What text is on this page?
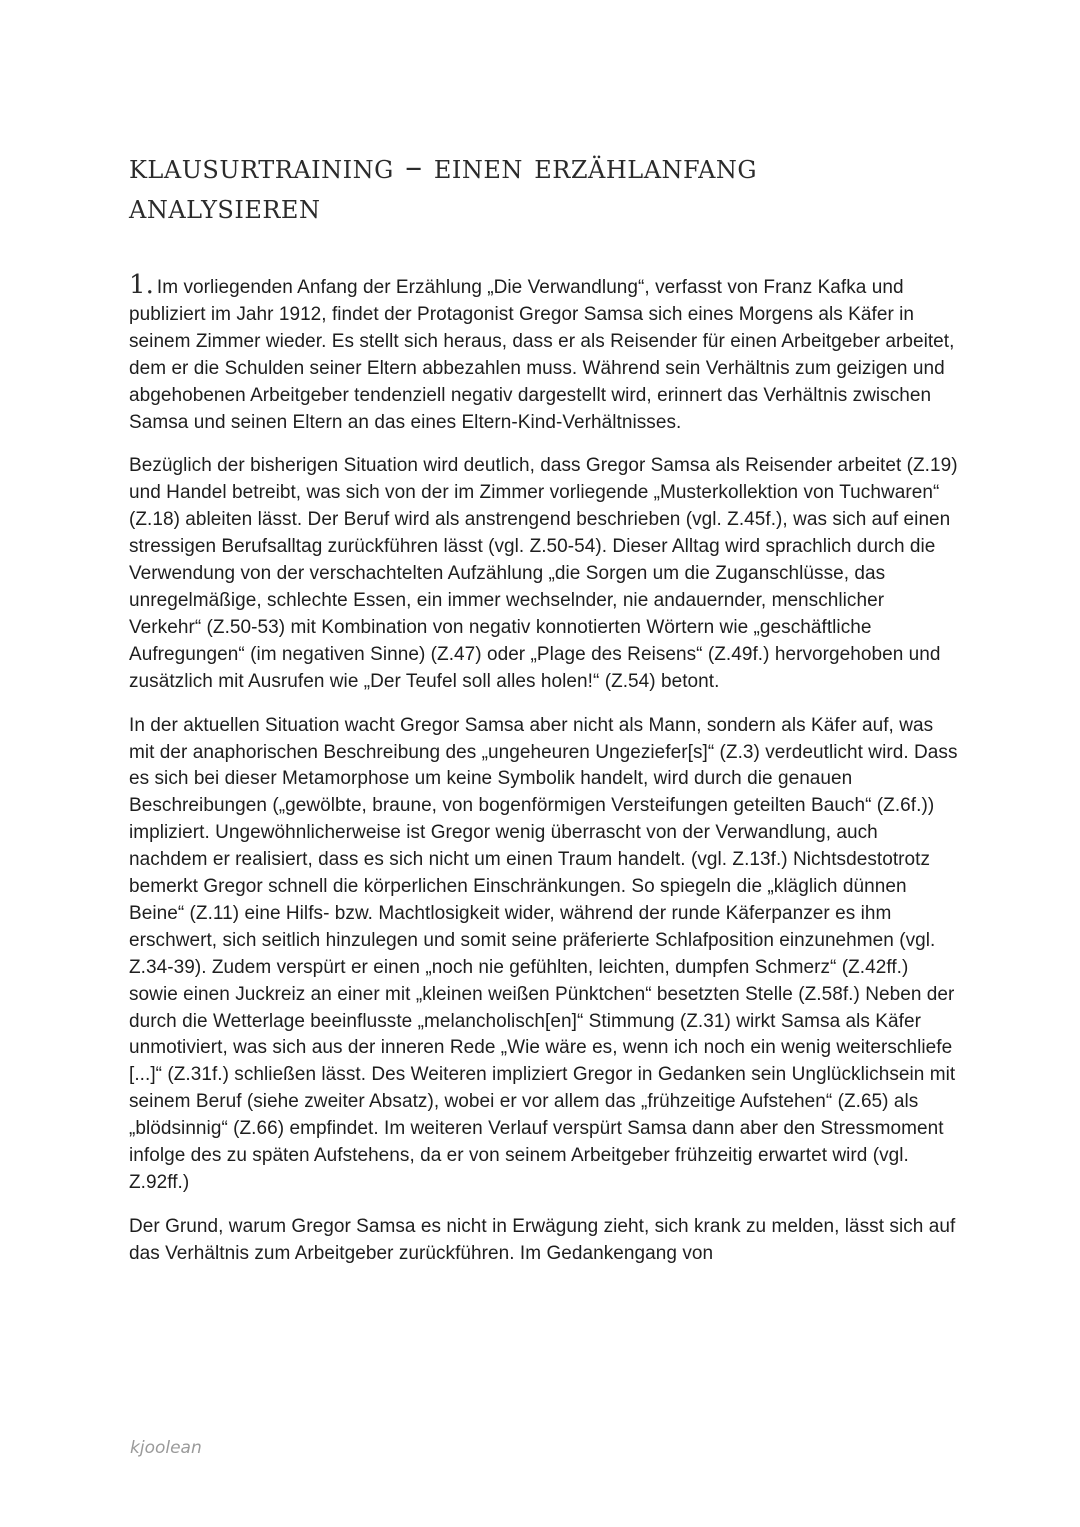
klausurtraining – einen erzählanfang analysieren

1. Im vorliegenden Anfang der Erzählung „Die Verwandlung“, verfasst von Franz Kafka und publiziert im Jahr 1912, findet der Protagonist Gregor Samsa sich eines Morgens als Käfer in seinem Zimmer wieder. Es stellt sich heraus, dass er als Reisender für einen Arbeitgeber arbeitet, dem er die Schulden seiner Eltern abbezahlen muss. Während sein Verhältnis zum geizigen und abgehobenen Arbeitgeber tendenziell negativ dargestellt wird, erinnert das Verhältnis zwischen Samsa und seinen Eltern an das eines Eltern-Kind-Verhältnisses.

Bezüglich der bisherigen Situation wird deutlich, dass Gregor Samsa als Reisender arbeitet (Z.19) und Handel betreibt, was sich von der im Zimmer vorliegende „Musterkollektion von Tuchwaren“ (Z.18) ableiten lässt. Der Beruf wird als anstrengend beschrieben (vgl. Z.45f.), was sich auf einen stressigen Berufsalltag zurückführen lässt (vgl. Z.50-54). Dieser Alltag wird sprachlich durch die Verwendung von der verschachtelten Aufzählung „die Sorgen um die Zuganschlüsse, das unregelmäßige, schlechte Essen, ein immer wechselnder, nie andauernder, menschlicher Verkehr“ (Z.50-53) mit Kombination von negativ konnotierten Wörtern wie „geschäftliche Aufregungen“ (im negativen Sinne) (Z.47) oder „Plage des Reisens“ (Z.49f.) hervorgehoben und zusätzlich mit Ausrufen wie „Der Teufel soll alles holen!“ (Z.54) betont.

In der aktuellen Situation wacht Gregor Samsa aber nicht als Mann, sondern als Käfer auf, was mit der anaphorischen Beschreibung des „ungeheuren Ungeziefer[s]“ (Z.3) verdeutlicht wird. Dass es sich bei dieser Metamorphose um keine Symbolik handelt, wird durch die genauen Beschreibungen („gewölbte, braune, von bogenförmigen Versteifungen geteilten Bauch“ (Z.6f.)) impliziert. Ungewöhnlicherweise ist Gregor wenig überrascht von der Verwandlung, auch nachdem er realisiert, dass es sich nicht um einen Traum handelt. (vgl. Z.13f.) Nichtsdestotrotz bemerkt Gregor schnell die körperlichen Einschränkungen. So spiegeln die „kläglich dünnen Beine“ (Z.11) eine Hilfs- bzw. Machtlosigkeit wider, während der runde Käferpanzer es ihm erschwert, sich seitlich hinzulegen und somit seine präferierte Schlafposition einzunehmen (vgl. Z.34-39). Zudem verspürt er einen „noch nie gefühlten, leichten, dumpfen Schmerz“ (Z.42ff.) sowie einen Juckreiz an einer mit „kleinen weißen Pünktchen“ besetzten Stelle (Z.58f.) Neben der durch die Wetterlage beeinflusste „melancholisch[en]“ Stimmung (Z.31) wirkt Samsa als Käfer unmotiviert, was sich aus der inneren Rede „Wie wäre es, wenn ich noch ein wenig weiterschliefe [...]“ (Z.31f.) schließen lässt. Des Weiteren impliziert Gregor in Gedanken sein Unglücklichsein mit seinem Beruf (siehe zweiter Absatz), wobei er vor allem das „frühzeitige Aufstehen“ (Z.65) als „blödsinnig“ (Z.66) empfindet. Im weiteren Verlauf verspürt Samsa dann aber den Stressmoment infolge des zu späten Aufstehens, da er von seinem Arbeitgeber frühzeitig erwartet wird (vgl. Z.92ff.)

Der Grund, warum Gregor Samsa es nicht in Erwägung zieht, sich krank zu melden, lässt sich auf das Verhältnis zum Arbeitgeber zurückführen. Im Gedankengang von

kjoolean
